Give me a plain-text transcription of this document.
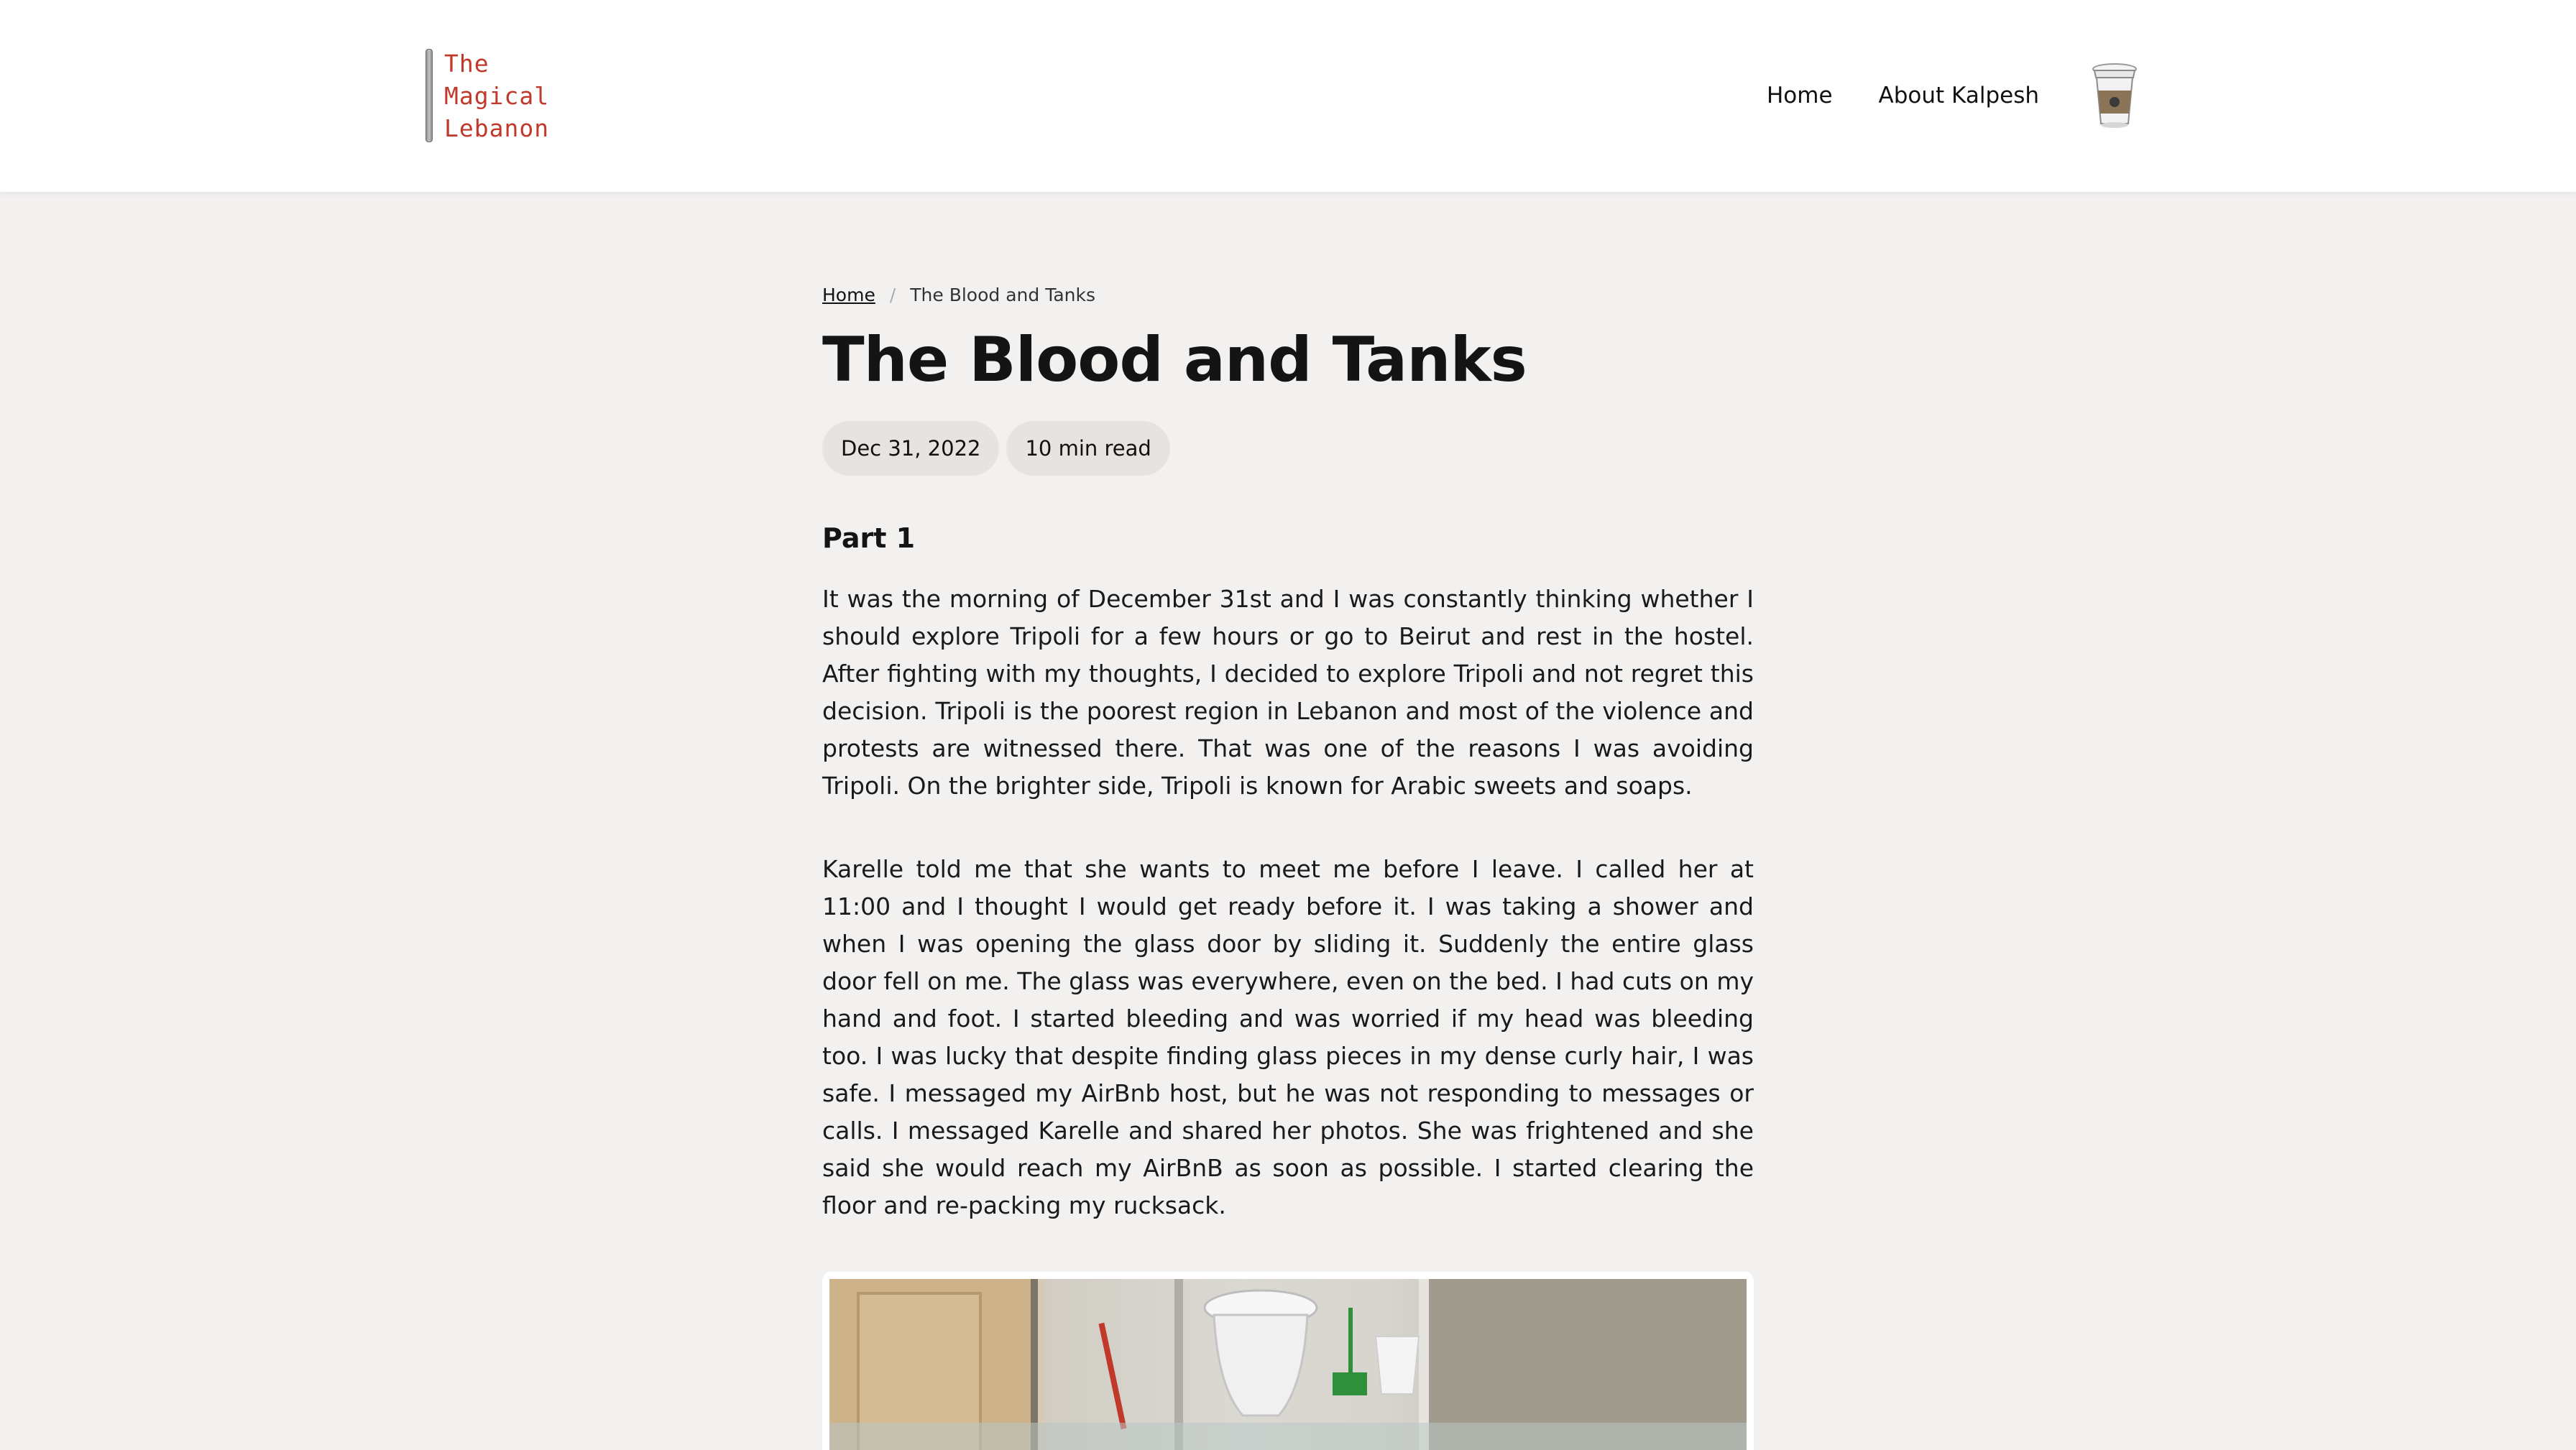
The
Magical
Lebanon
Home About Kalpesh
Home / The Blood and Tanks
The Blood and Tanks
Dec 31, 2022	10 min read
Part 1

It was the morning of December 31st and I was constantly thinking whether I should explore Tripoli for a few hours or go to Beirut and rest in the hostel. After fighting with my thoughts, I decided to explore Tripoli and not regret this decision. Tripoli is the poorest region in Lebanon and most of the violence and protests are witnessed there. That was one of the reasons I was avoiding Tripoli. On the brighter side, Tripoli is known for Arabic sweets and soaps.

Karelle told me that she wants to meet me before I leave. I called her at 11:00 and I thought I would get ready before it. I was taking a shower and when I was opening the glass door by sliding it. Suddenly the entire glass door fell on me. The glass was everywhere, even on the bed. I had cuts on my hand and foot. I started bleeding and was worried if my head was bleeding too. I was lucky that despite finding glass pieces in my dense curly hair, I was safe. I messaged my AirBnb host, but he was not responding to messages or calls. I messaged Karelle and shared her photos. She was frightened and she said she would reach my AirBnB as soon as possible. I started clearing the floor and re-packing my rucksack.
